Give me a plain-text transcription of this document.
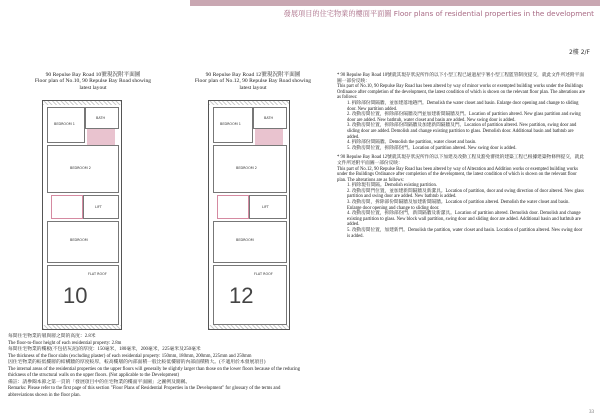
發展項目的住宅物業的樓面平面圖 Floor plans of residential properties in the development
2樓 2/F
90 Repulse Bay Road 10號現況附平面圖
Floor plan of No.10, 90 Repulse Bay Road showing
latest layout
90 Repulse Bay Road 12號現況附平面圖
Floor plan of No.12, 90 Repulse Bay Road showing
latest layout
BEDROOM 1
BATH
BEDROOM 2
LIFT
BEDROOM
FLAT ROOF
10
BEDROOM 1
BATH
BEDROOM 2
LIFT
BEDROOM
FLAT ROOF
12

每間住宅物業的層與層之間的高度：2.8米

The floor-to-floor height of each residential property: 2.8m

每間住宅物業的樓板(不包括灰泥)的厚度：150毫米，180毫米，200毫米，225毫米及250毫米

The thickness of the floor slabs (excluding plaster) of each residential property: 150mm, 180mm, 200mm, 225mm and 250mm

因住宅物業的較低樓層的結構牆的厚度較厚，較高樓層的內部面積一般比較低樓層的內部面積稍大。(不適用於本發展項目)

The internal areas of the residential properties on the upper floors will generally be slightly larger than those on the lower floors because of the reducing thickness of the structural walls on the upper floors. (Not applicable to the Development)

備註：請參閱本節之第一頁的「發展項目中的住宅物業的樓面平面圖」之圖例及簡稱。

Remarks: Please refer to the first page of this section "Floor Plans of Residential Properties in the Development" for glossary of the terms and abbreviations shown in the floor plan.

* 90 Repulse Bay Road 10號就其現存狀況所作的以下小型工程已通過屋宇署小型工程監管制度提交，就此文件所述附平面圖一部份反映：

This part of No.10, 90 Repulse Bay Road has been altered by way of minor works or exempted building works under the Buildings Ordinance after completion of the development, the latest condition of which is shown on the relevant floor plan. The alterations are as follows:

1. 拆除部份間隔牆，並加建落地趟門。Demolish the water closet and basin. Enlarge door opening and change to sliding door. New partition added.

2. 改動房間位置，拆除部份隔牆及門並加建新間隔牆及門。Location of partition altered. New glass partition and swing door are added. New bathtub, water closet and basin are added. New swing door is added.

3. 改動房間位置，拆除部份間隔牆及加建新間隔牆及門。Location of partition altered. New partition, swing door and sliding door are added. Demolish and change existing partition to glass. Demolish door. Additional basin and bathtub are added.

4. 拆除部份間隔牆。Demolish the partition, water closet and basin.

5. 改動房間位置，拆除部份門。Location of partition altered. New swing door is added.

* 90 Repulse Bay Road 12號就其現存狀況所作的以下加建及改動工程及豁免審批的建築工程已根據建築物條例提交，就此文件所述附平面圖一部份反映：

This part of No.12, 90 Repulse Bay Road has been altered by way of Alteration and Addition works or exempted building works under the Buildings Ordinance after completion of the development, the latest condition of which is shown on the relevant floor plan. The alterations are as follows:

1. 拆除現有間隔。Demolish existing partition.

2. 改動房間門位置，並加建新間隔牆及新潔具。Location of partition, door and swing direction of door altered. New glass partition and swing door are added. New bathtub is added.

3. 改動房間，拆除部份間隔牆及加建新間隔牆。Location of partition altered. Demolish the water closet and basin. Enlarge door opening and change to sliding door.

4. 改動房間位置，拆除部份門，新間隔牆及新潔具。Location of partition altered. Demolish door. Demolish and change existing partition to glass. New block wall partition, swing door and sliding door are added. Additional basin and bathtub are added.

5. 改動房間位置，加建新門。Demolish the partition, water closet and basin. Location of partition altered. New swing door is added.

33
